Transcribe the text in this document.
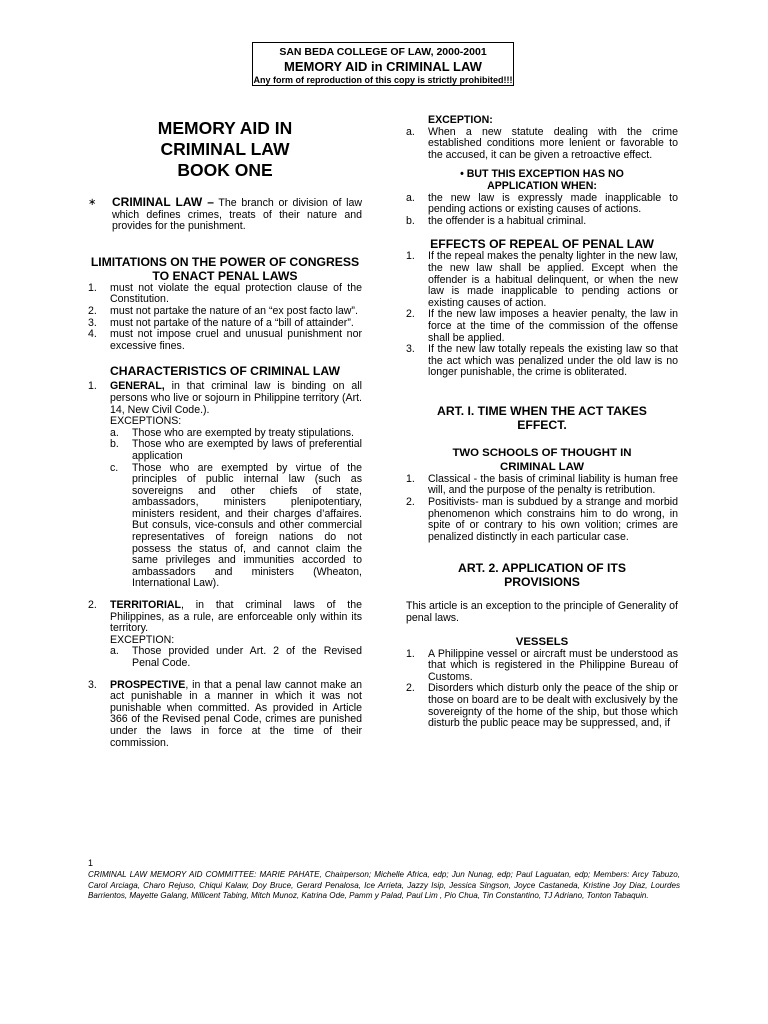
SAN BEDA COLLEGE OF LAW, 2000-2001
MEMORY AID in CRIMINAL LAW
Any form of reproduction of this copy is strictly prohibited!!!
MEMORY AID IN
CRIMINAL LAW
BOOK ONE
∗	CRIMINAL LAW – The branch or division of law which defines crimes, treats of their nature and provides for the punishment.
LIMITATIONS ON THE POWER OF CONGRESS TO ENACT PENAL LAWS
1.	must not violate the equal protection clause of the Constitution.
2.	must not partake the nature of an “ex post facto law”.
3.	must not partake of the nature of a “bill of attainder”.
4.	must not impose cruel and unusual punishment nor excessive fines.
CHARACTERISTICS OF CRIMINAL LAW
1.	GENERAL, in that criminal law is binding on all persons who live or sojourn in Philippine territory (Art. 14, New Civil Code.).
EXCEPTIONS:
a.	Those who are exempted by treaty stipulations.
b.	Those who are exempted by laws of preferential application
c.	Those who are exempted by virtue of the principles of public internal law (such as sovereigns and other chiefs of state, ambassadors, ministers plenipotentiary, ministers resident, and their charges d’affaires. But consuls, vice-consuls and other commercial representatives of foreign nations do not possess the status of, and cannot claim the same privileges and immunities accorded to ambassadors and ministers (Wheaton, International Law).
2.	TERRITORIAL, in that criminal laws of the Philippines, as a rule, are enforceable only within its territory.
EXCEPTION:
a.	Those provided under Art. 2 of the Revised Penal Code.
3.	PROSPECTIVE, in that a penal law cannot make an act punishable in a manner in which it was not punishable when committed. As provided in Article 366 of the Revised penal Code, crimes are punished under the laws in force at the time of their commission.
EXCEPTION:
a.	When a new statute dealing with the crime established conditions more lenient or favorable to the accused, it can be given a retroactive effect.
• BUT THIS EXCEPTION HAS NO APPLICATION WHEN:
a.	the new law is expressly made inapplicable to pending actions or existing causes of actions.
b.	the offender is a habitual criminal.
EFFECTS OF REPEAL OF PENAL LAW
1.	If the repeal makes the penalty lighter in the new law, the new law shall be applied. Except when the offender is a habitual delinquent, or when the new law is made inapplicable to pending actions or existing causes of action.
2.	If the new law imposes a heavier penalty, the law in force at the time of the commission of the offense shall be applied.
3.	If the new law totally repeals the existing law so that the act which was penalized under the old law is no longer punishable, the crime is obliterated.
ART. I. TIME WHEN THE ACT TAKES EFFECT.
TWO SCHOOLS OF THOUGHT IN CRIMINAL LAW
1.	Classical - the basis of criminal liability is human free will, and the purpose of the penalty is retribution.
2.	Positivists- man is subdued by a strange and morbid phenomenon which constrains him to do wrong, in spite of or contrary to his own volition; crimes are penalized distinctly in each particular case.
ART. 2. APPLICATION OF ITS PROVISIONS

This article is an exception to the principle of Generality of penal laws.

VESSELS
1.	A Philippine vessel or aircraft must be understood as that which is registered in the Philippine Bureau of Customs.
2.	Disorders which disturb only the peace of the ship or those on board are to be dealt with exclusively by the sovereignty of the home of the ship, but those which disturb the public peace may be suppressed, and, if
1
CRIMINAL LAW MEMORY AID COMMITTEE: MARIE PAHATE, Chairperson; Michelle Africa, edp; Jun Nunag, edp; Paul Laguatan, edp; Members: Arcy Tabuzo, Carol Arciaga, Charo Rejuso, Chiqui Kalaw, Doy Bruce, Gerard Penalosa, Ice Arrieta, Jazzy Isip, Jessica Singson, Joyce Castaneda, Kristine Joy Diaz, Lourdes Barrientos, Mayette Galang, Millicent Tabing, Mitch Munoz, Katrina Ode, Pamm y Palad, Paul Lim , Pio Chua, Tin Constantino, TJ Adriano, Tonton Tabaquin.
